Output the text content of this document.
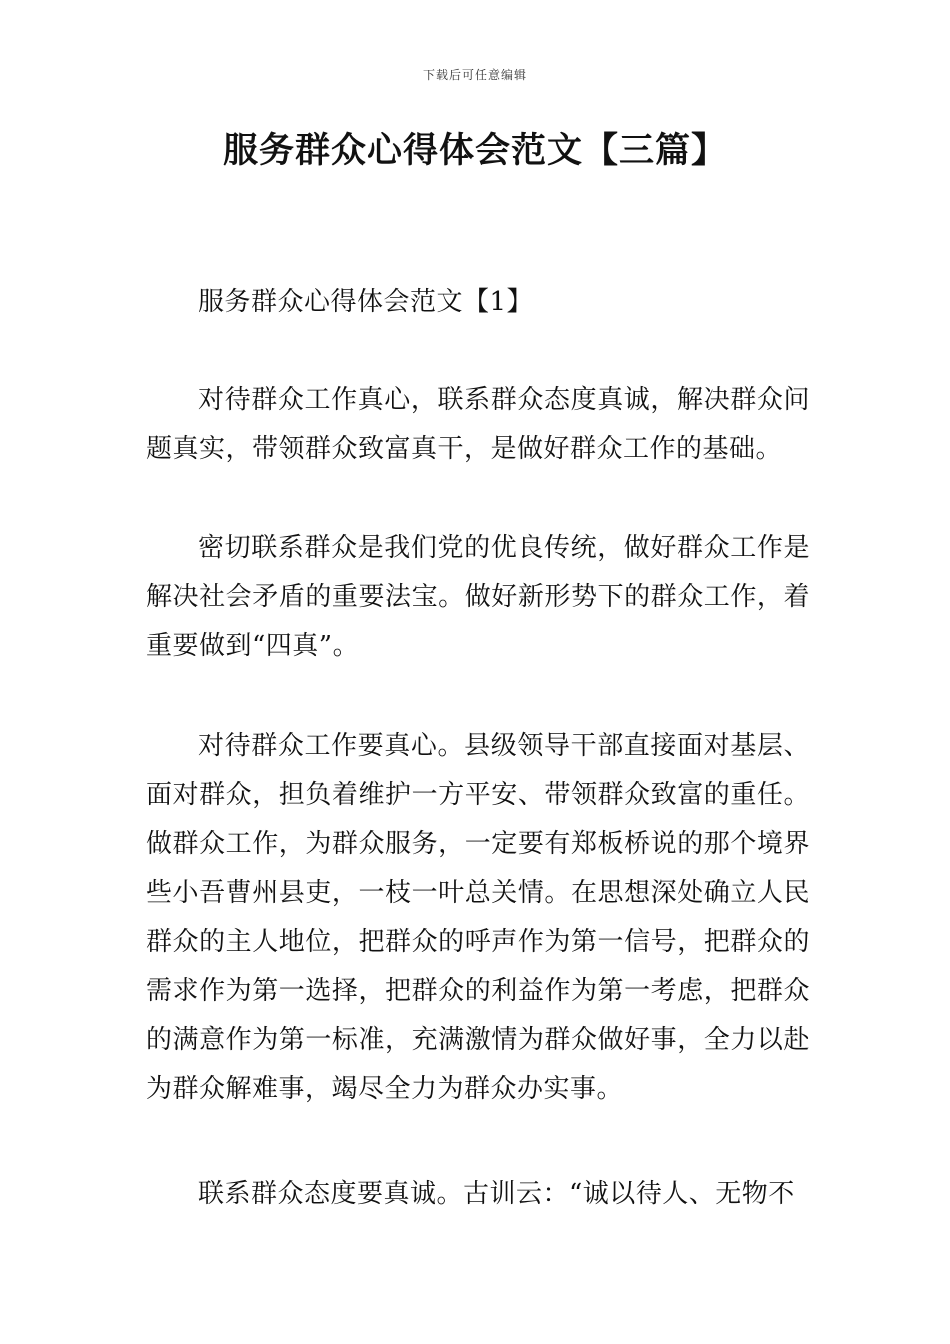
下载后可任意编辑
服务群众心得体会范文【三篇】

服务群众心得体会范文【1】

对待群众工作真心，联系群众态度真诚，解决群众问题真实，带领群众致富真干，是做好群众工作的基础。

密切联系群众是我们党的优良传统，做好群众工作是解决社会矛盾的重要法宝。做好新形势下的群众工作，着重要做到“四真”。

对待群众工作要真心。县级领导干部直接面对基层、面对群众，担负着维护一方平安、带领群众致富的重任。做群众工作，为群众服务，一定要有郑板桥说的那个境界些小吾曹州县吏，一枝一叶总关情。在思想深处确立人民群众的主人地位，把群众的呼声作为第一信号，把群众的需求作为第一选择，把群众的利益作为第一考虑，把群众的满意作为第一标准，充满激情为群众做好事，全力以赴为群众解难事，竭尽全力为群众办实事。

联系群众态度要真诚。古训云：“诚以待人、无物不
